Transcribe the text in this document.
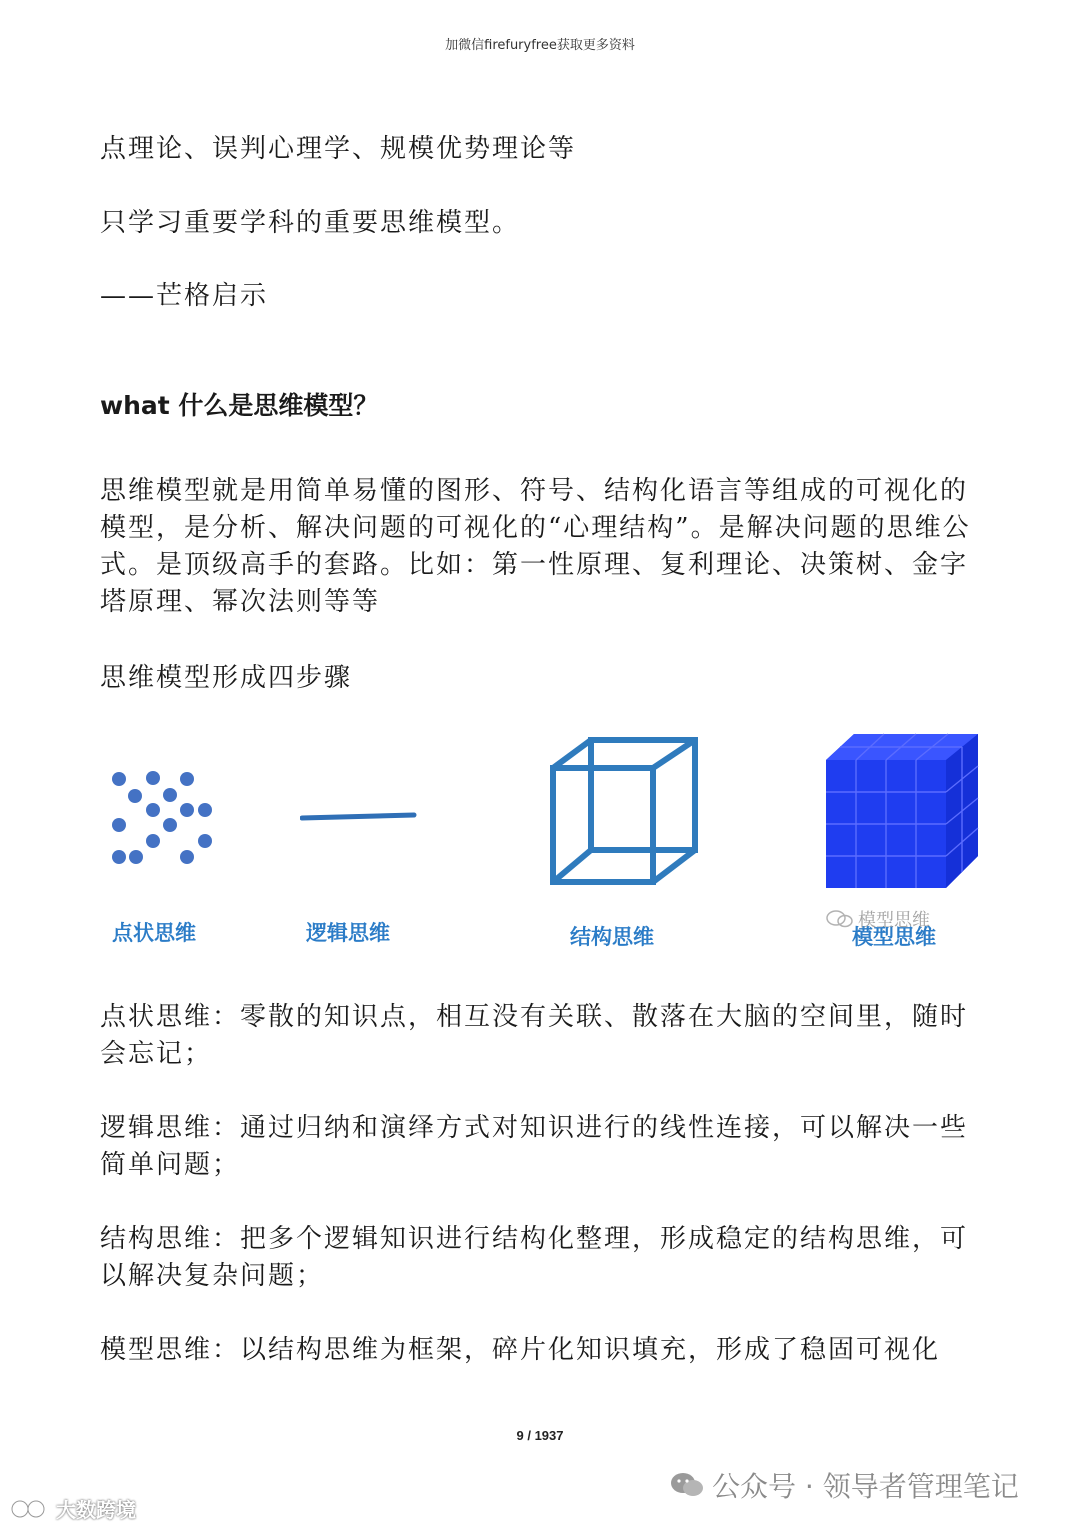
加微信firefuryfree获取更多资料

点理论、误判心理学、规模优势理论等

只学习重要学科的重要思维模型。

——芒格启示

what 什么是思维模型？

思维模型就是用简单易懂的图形、符号、结构化语言等组成的可视化的模型，是分析、解决问题的可视化的“心理结构”。是解决问题的思维公式。是顶级高手的套路。比如：第一性原理、复利理论、决策树、金字塔原理、幂次法则等等

思维模型形成四步骤

点状思维	逻辑思维	结构思维	模型思维
模型思维

点状思维：零散的知识点，相互没有关联、散落在大脑的空间里，随时会忘记；

逻辑思维：通过归纳和演绎方式对知识进行的线性连接，可以解决一些简单问题；

结构思维：把多个逻辑知识进行结构化整理，形成稳定的结构思维，可以解决复杂问题；

模型思维：以结构思维为框架，碎片化知识填充，形成了稳固可视化

9 / 1937
公众号 · 领导者管理笔记
大数跨境
